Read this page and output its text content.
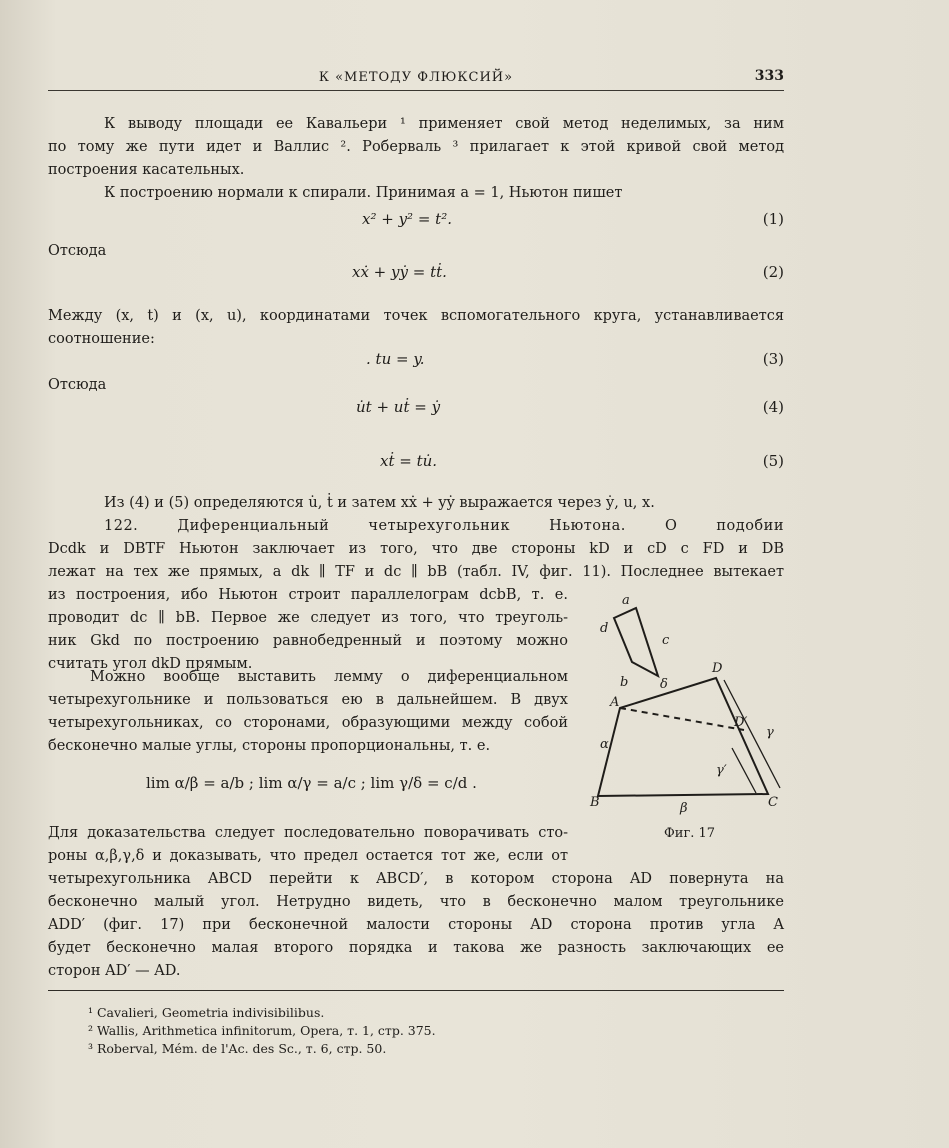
К «МЕТОДУ ФЛЮКСИЙ»	333
К выводу площади ее Кавальери ¹ применяет свой метод неделимых, за ним
по тому же пути идет и Валлис ². Роберваль ³ прилагает к этой кривой свой метод
построения касательных.
К построению нормали к спирали. Принимая a = 1, Ньютон пишет
x² + y² = t².	(1)
Отсюда
xẋ + yẏ = tṫ.	(2)
Между (x, t) и (x, u), координатами точек вспомогательного круга, устанавливается
соотношение:
. tu = y.	(3)
Отсюда
u̇t + uṫ = ẏ	(4)
xṫ = tu̇.	(5)
Из (4) и (5) определяются u̇, ṫ и затем xẋ + yẏ выражается через ẏ, u, x.
122. Диференциальный четырехугольник Ньютона. О подобии
Dcdk и DBTF Ньютон заключает из того, что две стороны kD и cD с FD и DB
лежат на тех же прямых, а dk ∥ TF и dc ∥ bB (табл. IV, фиг. 11). Последнее вытекает
из построения, ибо Ньютон строит параллелограм dcbB, т. е.
проводит dc ∥ bB. Первое же следует из того, что треуголь-
ник Gkd по построению равнобедренный и поэтому можно
считать угол dkD прямым.
Можно вообще выставить лемму о диференциальном
четырехугольнике и пользоваться ею в дальнейшем. В двух
четырехугольниках, со сторонами, образующими между собой
бесконечно малые углы, стороны пропорциональны, т. е.
lim α/β = a/b ; lim α/γ = a/c ; lim γ/δ = c/d .
Для доказательства следует последовательно поворачивать сто-
роны α,β,γ,δ и доказывать, что предел остается тот же, если от
четырехугольника ABCD перейти к ABCD′, в котором сторона AD повернута на
бесконечно малый угол. Нетрудно видеть, что в бесконечно малом треугольнике
ADD′ (фиг. 17) при бесконечной малости стороны AD сторона против угла A
будет бесконечно малая второго порядка и такова же разность заключающих ее
сторон AD′ — AD.
a
b
c
d
A
B	C
D
D′
α
β
γ
γ′
δ
Фиг. 17
¹ Cavalieri, Geometria indivisibilibus.
² Wallis, Arithmetica infinitorum, Opera, т. 1, стр. 375.
³ Roberval, Mém. de l'Ac. des Sc., т. 6, стр. 50.
